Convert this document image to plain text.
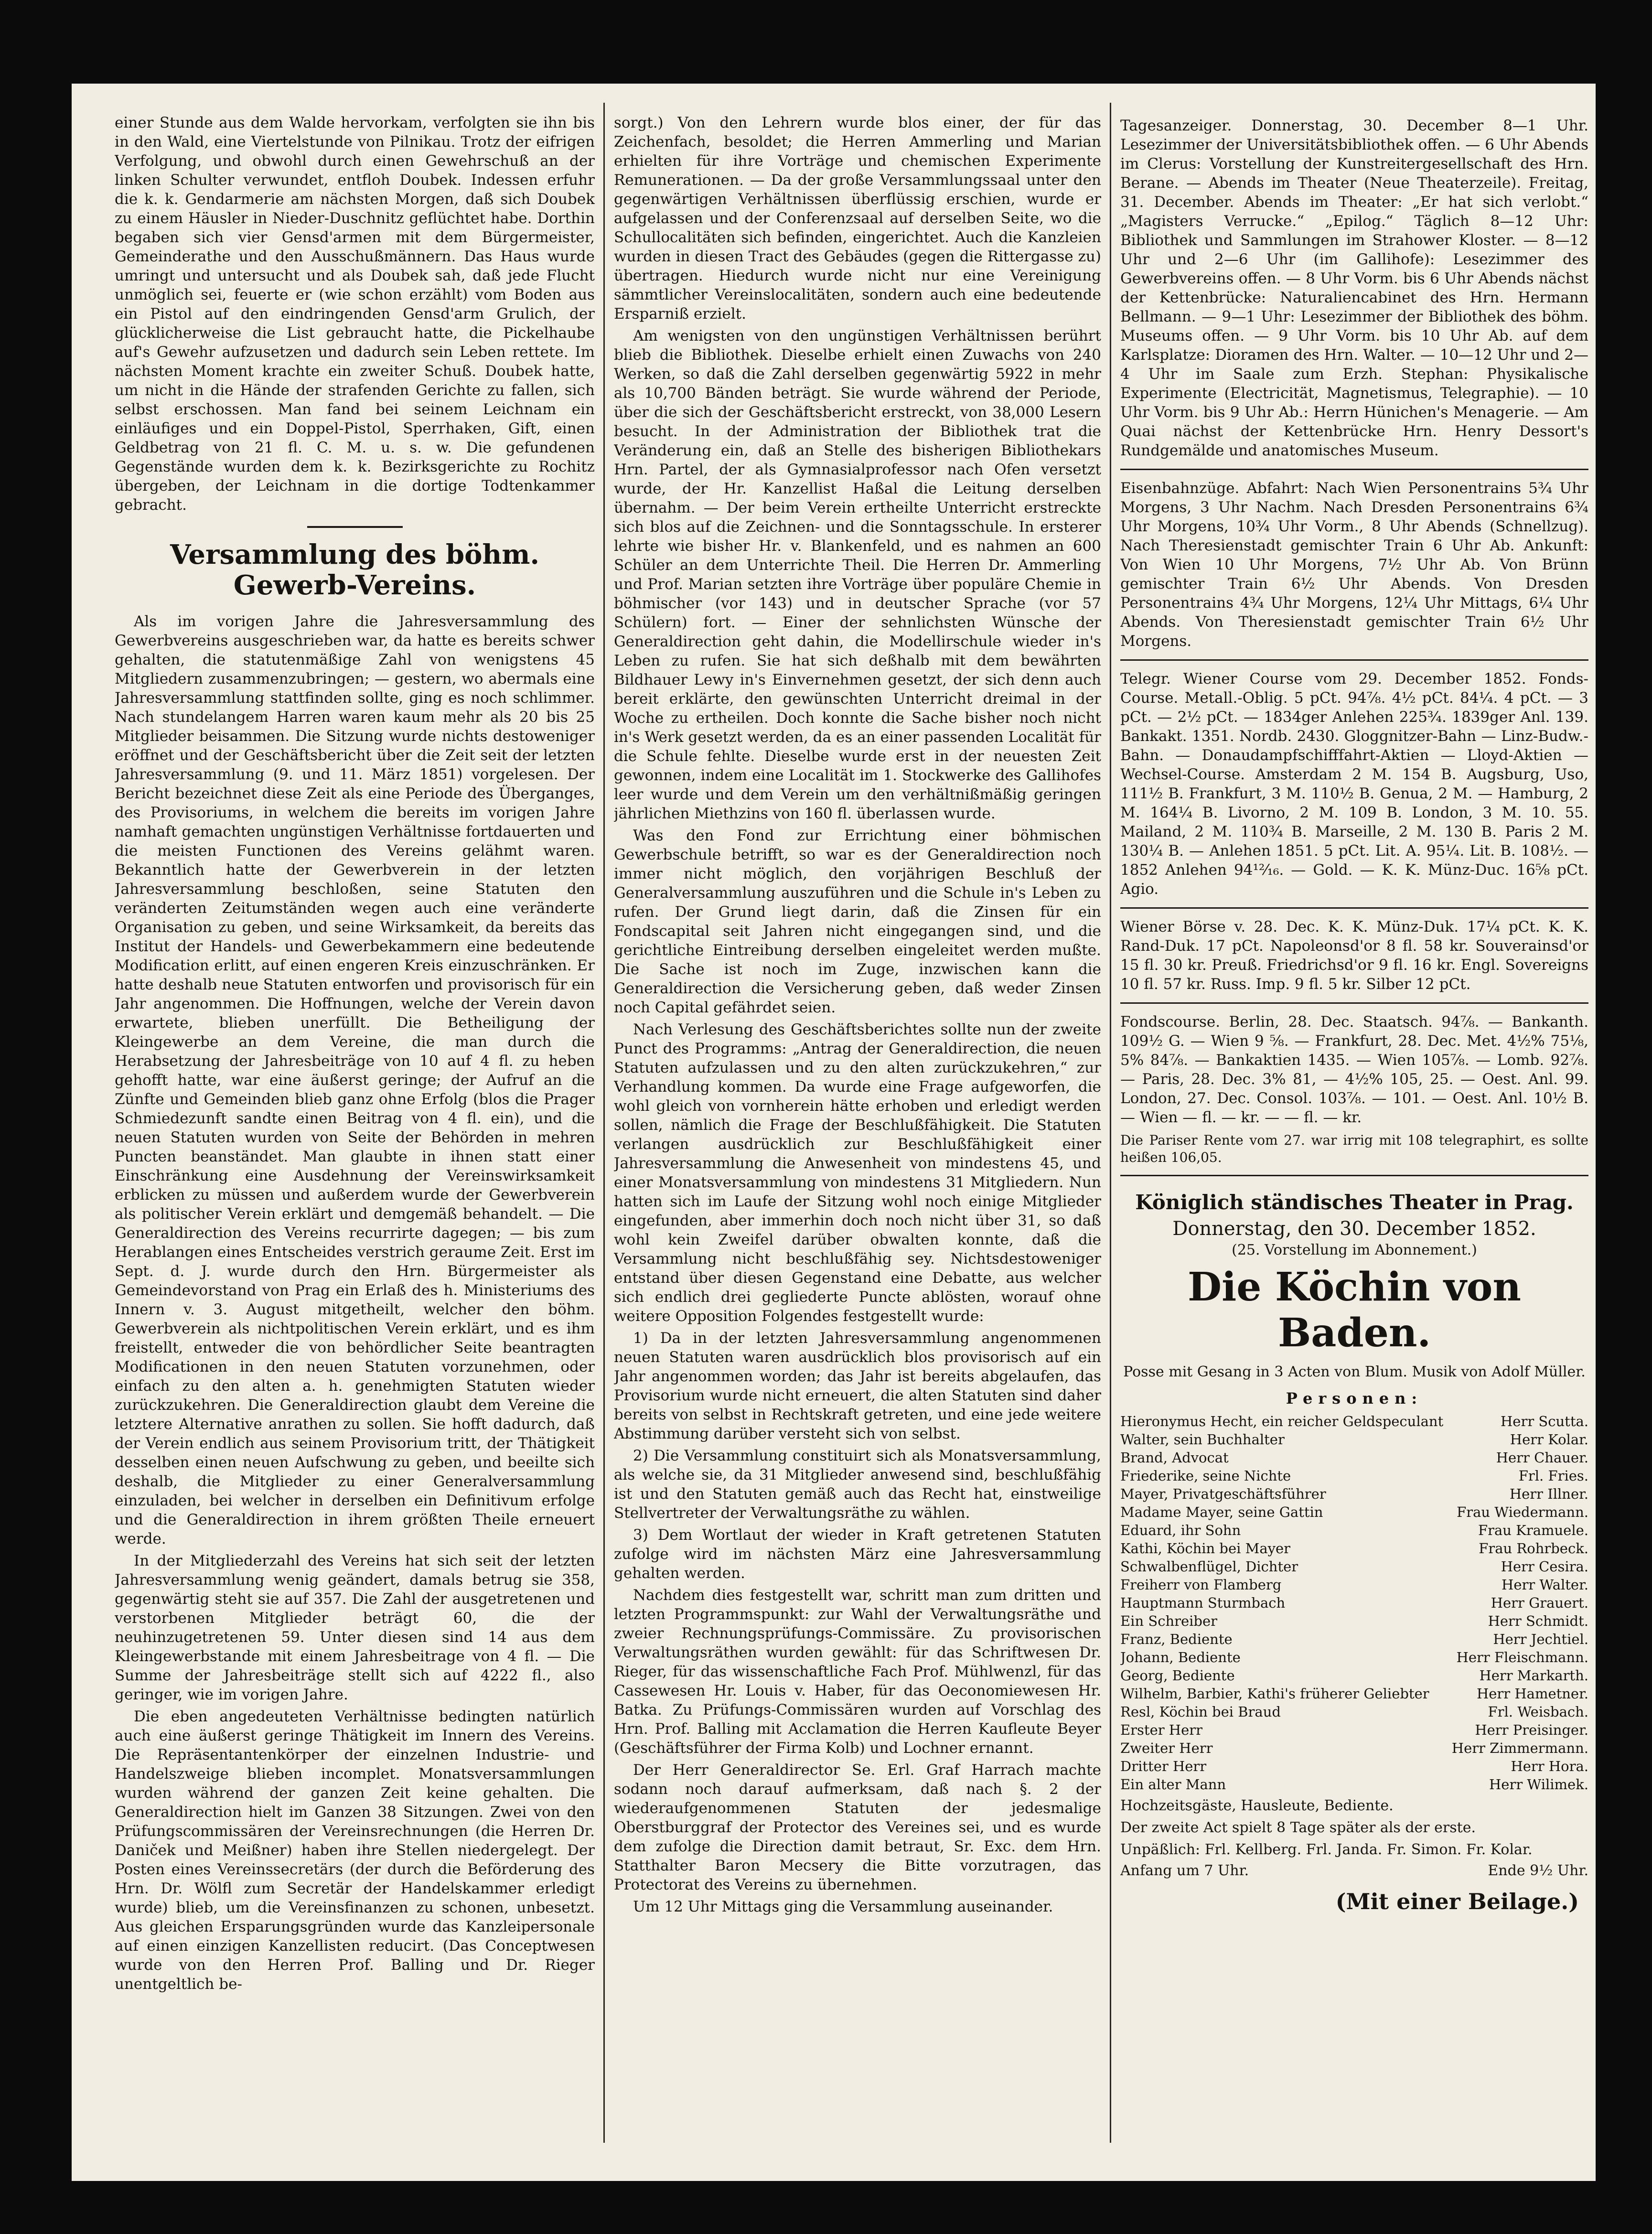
einer Stunde aus dem Walde hervorkam, verfolgten sie ihn bis in den Wald, eine Viertelstunde von Pilnikau. Trotz der eifrigen Verfolgung, und obwohl durch einen Gewehrschuß an der linken Schulter verwundet, entfloh Doubek. Indessen erfuhr die k. k. Gendarmerie am nächsten Morgen, daß sich Doubek zu einem Häusler in Nieder-Duschnitz geflüchtet habe. Dorthin begaben sich vier Gensd'armen mit dem Bürgermeister, Gemeinderathe und den Ausschußmännern. Das Haus wurde umringt und untersucht und als Doubek sah, daß jede Flucht unmöglich sei, feuerte er (wie schon erzählt) vom Boden aus ein Pistol auf den eindringenden Gensd'arm Grulich, der glücklicherweise die List gebraucht hatte, die Pickelhaube auf's Gewehr aufzusetzen und dadurch sein Leben rettete. Im nächsten Moment krachte ein zweiter Schuß. Doubek hatte, um nicht in die Hände der strafenden Gerichte zu fallen, sich selbst erschossen. Man fand bei seinem Leichnam ein einläufiges und ein Doppel-Pistol, Sperrhaken, Gift, einen Geldbetrag von 21 fl. C. M. u. s. w. Die gefundenen Gegenstände wurden dem k. k. Bezirksgerichte zu Rochitz übergeben, der Leichnam in die dortige Todtenkammer gebracht.

Versammlung des böhm. Gewerb-Vereins.

Als im vorigen Jahre die Jahresversammlung des Gewerbvereins ausgeschrieben war, da hatte es bereits schwer gehalten, die statutenmäßige Zahl von wenigstens 45 Mitgliedern zusammenzubringen; — gestern, wo abermals eine Jahresversammlung stattfinden sollte, ging es noch schlimmer. Nach stundelangem Harren waren kaum mehr als 20 bis 25 Mitglieder beisammen. Die Sitzung wurde nichts destoweniger eröffnet und der Geschäftsbericht über die Zeit seit der letzten Jahresversammlung (9. und 11. März 1851) vorgelesen. Der Bericht bezeichnet diese Zeit als eine Periode des Überganges, des Provisoriums, in welchem die bereits im vorigen Jahre namhaft gemachten ungünstigen Verhältnisse fortdauerten und die meisten Functionen des Vereins gelähmt waren. Bekanntlich hatte der Gewerbverein in der letzten Jahresversammlung beschloßen, seine Statuten den veränderten Zeitumständen wegen auch eine veränderte Organisation zu geben, und seine Wirksamkeit, da bereits das Institut der Handels- und Gewerbekammern eine bedeutende Modification erlitt, auf einen engeren Kreis einzuschränken. Er hatte deshalb neue Statuten entworfen und provisorisch für ein Jahr angenommen. Die Hoffnungen, welche der Verein davon erwartete, blieben unerfüllt. Die Betheiligung der Kleingewerbe an dem Vereine, die man durch die Herabsetzung der Jahresbeiträge von 10 auf 4 fl. zu heben gehofft hatte, war eine äußerst geringe; der Aufruf an die Zünfte und Gemeinden blieb ganz ohne Erfolg (blos die Prager Schmiedezunft sandte einen Beitrag von 4 fl. ein), und die neuen Statuten wurden von Seite der Behörden in mehren Puncten beanständet. Man glaubte in ihnen statt einer Einschränkung eine Ausdehnung der Vereinswirksamkeit erblicken zu müssen und außerdem wurde der Gewerbverein als politischer Verein erklärt und demgemäß behandelt. — Die Generaldirection des Vereins recurrirte dagegen; — bis zum Herablangen eines Entscheides verstrich geraume Zeit. Erst im Sept. d. J. wurde durch den Hrn. Bürgermeister als Gemeindevorstand von Prag ein Erlaß des h. Ministeriums des Innern v. 3. August mitgetheilt, welcher den böhm. Gewerbverein als nichtpolitischen Verein erklärt, und es ihm freistellt, entweder die von behördlicher Seite beantragten Modificationen in den neuen Statuten vorzunehmen, oder einfach zu den alten a. h. genehmigten Statuten wieder zurückzukehren. Die Generaldirection glaubt dem Vereine die letztere Alternative anrathen zu sollen. Sie hofft dadurch, daß der Verein endlich aus seinem Provisorium tritt, der Thätigkeit desselben einen neuen Aufschwung zu geben, und beeilte sich deshalb, die Mitglieder zu einer Generalversammlung einzuladen, bei welcher in derselben ein Definitivum erfolge und die Generaldirection in ihrem größten Theile erneuert werde.

In der Mitgliederzahl des Vereins hat sich seit der letzten Jahresversammlung wenig geändert, damals betrug sie 358, gegenwärtig steht sie auf 357. Die Zahl der ausgetretenen und verstorbenen Mitglieder beträgt 60, die der neuhinzugetretenen 59. Unter diesen sind 14 aus dem Kleingewerbstande mit einem Jahresbeitrage von 4 fl. — Die Summe der Jahresbeiträge stellt sich auf 4222 fl., also geringer, wie im vorigen Jahre.

Die eben angedeuteten Verhältnisse bedingten natürlich auch eine äußerst geringe Thätigkeit im Innern des Vereins. Die Repräsentantenkörper der einzelnen Industrie- und Handelszweige blieben incomplet. Monatsversammlungen wurden während der ganzen Zeit keine gehalten. Die Generaldirection hielt im Ganzen 38 Sitzungen. Zwei von den Prüfungscommissären der Vereinsrechnungen (die Herren Dr. Daniček und Meißner) haben ihre Stellen niedergelegt. Der Posten eines Vereinssecretärs (der durch die Beförderung des Hrn. Dr. Wölfl zum Secretär der Handelskammer erledigt wurde) blieb, um die Vereinsfinanzen zu schonen, unbesetzt. Aus gleichen Ersparungsgründen wurde das Kanzleipersonale auf einen einzigen Kanzellisten reducirt. (Das Conceptwesen wurde von den Herren Prof. Balling und Dr. Rieger unentgeltlich be-

sorgt.) Von den Lehrern wurde blos einer, der für das Zeichenfach, besoldet; die Herren Ammerling und Marian erhielten für ihre Vorträge und chemischen Experimente Remunerationen. — Da der große Versammlungssaal unter den gegenwärtigen Verhältnissen überflüssig erschien, wurde er aufgelassen und der Conferenzsaal auf derselben Seite, wo die Schullocalitäten sich befinden, eingerichtet. Auch die Kanzleien wurden in diesen Tract des Gebäudes (gegen die Rittergasse zu) übertragen. Hiedurch wurde nicht nur eine Vereinigung sämmtlicher Vereinslocalitäten, sondern auch eine bedeutende Ersparniß erzielt.

Am wenigsten von den ungünstigen Verhältnissen berührt blieb die Bibliothek. Dieselbe erhielt einen Zuwachs von 240 Werken, so daß die Zahl derselben gegenwärtig 5922 in mehr als 10,700 Bänden beträgt. Sie wurde während der Periode, über die sich der Geschäftsbericht erstreckt, von 38,000 Lesern besucht. In der Administration der Bibliothek trat die Veränderung ein, daß an Stelle des bisherigen Bibliothekars Hrn. Partel, der als Gymnasialprofessor nach Ofen versetzt wurde, der Hr. Kanzellist Haßal die Leitung derselben übernahm. — Der beim Verein ertheilte Unterricht erstreckte sich blos auf die Zeichnen- und die Sonntagsschule. In ersterer lehrte wie bisher Hr. v. Blankenfeld, und es nahmen an 600 Schüler an dem Unterrichte Theil. Die Herren Dr. Ammerling und Prof. Marian setzten ihre Vorträge über populäre Chemie in böhmischer (vor 143) und in deutscher Sprache (vor 57 Schülern) fort. — Einer der sehnlichsten Wünsche der Generaldirection geht dahin, die Modellirschule wieder in's Leben zu rufen. Sie hat sich deßhalb mit dem bewährten Bildhauer Lewy in's Einvernehmen gesetzt, der sich denn auch bereit erklärte, den gewünschten Unterricht dreimal in der Woche zu ertheilen. Doch konnte die Sache bisher noch nicht in's Werk gesetzt werden, da es an einer passenden Localität für die Schule fehlte. Dieselbe wurde erst in der neuesten Zeit gewonnen, indem eine Localität im 1. Stockwerke des Gallihofes leer wurde und dem Verein um den verhältnißmäßig geringen jährlichen Miethzins von 160 fl. überlassen wurde.

Was den Fond zur Errichtung einer böhmischen Gewerbschule betrifft, so war es der Generaldirection noch immer nicht möglich, den vorjährigen Beschluß der Generalversammlung auszuführen und die Schule in's Leben zu rufen. Der Grund liegt darin, daß die Zinsen für ein Fondscapital seit Jahren nicht eingegangen sind, und die gerichtliche Eintreibung derselben eingeleitet werden mußte. Die Sache ist noch im Zuge, inzwischen kann die Generaldirection die Versicherung geben, daß weder Zinsen noch Capital gefährdet seien.

Nach Verlesung des Geschäftsberichtes sollte nun der zweite Punct des Programms: „Antrag der Generaldirection, die neuen Statuten aufzulassen und zu den alten zurückzukehren,“ zur Verhandlung kommen. Da wurde eine Frage aufgeworfen, die wohl gleich von vornherein hätte erhoben und erledigt werden sollen, nämlich die Frage der Beschlußfähigkeit. Die Statuten verlangen ausdrücklich zur Beschlußfähigkeit einer Jahresversammlung die Anwesenheit von mindestens 45, und einer Monatsversammlung von mindestens 31 Mitgliedern. Nun hatten sich im Laufe der Sitzung wohl noch einige Mitglieder eingefunden, aber immerhin doch noch nicht über 31, so daß wohl kein Zweifel darüber obwalten konnte, daß die Versammlung nicht beschlußfähig sey. Nichtsdestoweniger entstand über diesen Gegenstand eine Debatte, aus welcher sich endlich drei gegliederte Puncte ablösten, worauf ohne weitere Opposition Folgendes festgestellt wurde:

1) Da in der letzten Jahresversammlung angenommenen neuen Statuten waren ausdrücklich blos provisorisch auf ein Jahr angenommen worden; das Jahr ist bereits abgelaufen, das Provisorium wurde nicht erneuert, die alten Statuten sind daher bereits von selbst in Rechtskraft getreten, und eine jede weitere Abstimmung darüber versteht sich von selbst.

2) Die Versammlung constituirt sich als Monatsversammlung, als welche sie, da 31 Mitglieder anwesend sind, beschlußfähig ist und den Statuten gemäß auch das Recht hat, einstweilige Stellvertreter der Verwaltungsräthe zu wählen.

3) Dem Wortlaut der wieder in Kraft getretenen Statuten zufolge wird im nächsten März eine Jahresversammlung gehalten werden.

Nachdem dies festgestellt war, schritt man zum dritten und letzten Programmspunkt: zur Wahl der Verwaltungsräthe und zweier Rechnungsprüfungs-Commissäre. Zu provisorischen Verwaltungsräthen wurden gewählt: für das Schriftwesen Dr. Rieger, für das wissenschaftliche Fach Prof. Mühlwenzl, für das Cassewesen Hr. Louis v. Haber, für das Oeconomiewesen Hr. Batka. Zu Prüfungs-Commissären wurden auf Vorschlag des Hrn. Prof. Balling mit Acclamation die Herren Kaufleute Beyer (Geschäftsführer der Firma Kolb) und Lochner ernannt.

Der Herr Generaldirector Se. Erl. Graf Harrach machte sodann noch darauf aufmerksam, daß nach §. 2 der wiederaufgenommenen Statuten der jedesmalige Oberstburggraf der Protector des Vereines sei, und es wurde dem zufolge die Direction damit betraut, Sr. Exc. dem Hrn. Statthalter Baron Mecsery die Bitte vorzutragen, das Protectorat des Vereins zu übernehmen.

Um 12 Uhr Mittags ging die Versammlung auseinander.

Tagesanzeiger. Donnerstag, 30. December 8—1 Uhr. Lesezimmer der Universitätsbibliothek offen. — 6 Uhr Abends im Clerus: Vorstellung der Kunstreitergesellschaft des Hrn. Berane. — Abends im Theater (Neue Theaterzeile). Freitag, 31. December. Abends im Theater: „Er hat sich verlobt.“ „Magisters Verrucke.“ „Epilog.“ Täglich 8—12 Uhr: Bibliothek und Sammlungen im Strahower Kloster. — 8—12 Uhr und 2—6 Uhr (im Gallihofe): Lesezimmer des Gewerbvereins offen. — 8 Uhr Vorm. bis 6 Uhr Abends nächst der Kettenbrücke: Naturaliencabinet des Hrn. Hermann Bellmann. — 9—1 Uhr: Lesezimmer der Bibliothek des böhm. Museums offen. — 9 Uhr Vorm. bis 10 Uhr Ab. auf dem Karlsplatze: Dioramen des Hrn. Walter. — 10—12 Uhr und 2—4 Uhr im Saale zum Erzh. Stephan: Physikalische Experimente (Electricität, Magnetismus, Telegraphie). — 10 Uhr Vorm. bis 9 Uhr Ab.: Herrn Hünichen's Menagerie. — Am Quai nächst der Kettenbrücke Hrn. Henry Dessort's Rundgemälde und anatomisches Museum.

Eisenbahnzüge. Abfahrt: Nach Wien Personentrains 5¾ Uhr Morgens, 3 Uhr Nachm. Nach Dresden Personentrains 6¾ Uhr Morgens, 10¾ Uhr Vorm., 8 Uhr Abends (Schnellzug). Nach Theresienstadt gemischter Train 6 Uhr Ab. Ankunft: Von Wien 10 Uhr Morgens, 7½ Uhr Ab. Von Brünn gemischter Train 6½ Uhr Abends. Von Dresden Personentrains 4¾ Uhr Morgens, 12¼ Uhr Mittags, 6¼ Uhr Abends. Von Theresienstadt gemischter Train 6½ Uhr Morgens.

Telegr. Wiener Course vom 29. December 1852. Fonds-Course. Metall.-Oblig. 5 pCt. 94⅞. 4½ pCt. 84¼. 4 pCt. — 3 pCt. — 2½ pCt. — 1834ger Anlehen 225¾. 1839ger Anl. 139. Bankakt. 1351. Nordb. 2430. Gloggnitzer-Bahn — Linz-Budw.-Bahn. — Donaudampfschifffahrt-Aktien — Lloyd-Aktien — Wechsel-Course. Amsterdam 2 M. 154 B. Augsburg, Uso, 111½ B. Frankfurt, 3 M. 110½ B. Genua, 2 M. — Hamburg, 2 M. 164¼ B. Livorno, 2 M. 109 B. London, 3 M. 10. 55. Mailand, 2 M. 110¾ B. Marseille, 2 M. 130 B. Paris 2 M. 130¼ B. — Anlehen 1851. 5 pCt. Lit. A. 95¼. Lit. B. 108½. — 1852 Anlehen 94¹²⁄₁₆. — Gold. — K. K. Münz-Duc. 16⅝ pCt. Agio.

Wiener Börse v. 28. Dec. K. K. Münz-Duk. 17¼ pCt. K. K. Rand-Duk. 17 pCt. Napoleonsd'or 8 fl. 58 kr. Souverainsd'or 15 fl. 30 kr. Preuß. Friedrichsd'or 9 fl. 16 kr. Engl. Sovereigns 10 fl. 57 kr. Russ. Imp. 9 fl. 5 kr. Silber 12 pCt.

Fondscourse. Berlin, 28. Dec. Staatsch. 94⅞. — Bankanth. 109½ G. — Wien 9 ⅝. — Frankfurt, 28. Dec. Met. 4½% 75⅛, 5% 84⅞. — Bankaktien 1435. — Wien 105⅞. — Lomb. 92⅞. — Paris, 28. Dec. 3% 81, — 4½% 105, 25. — Oest. Anl. 99. London, 27. Dec. Consol. 103⅞. — 101. — Oest. Anl. 10½ B. — Wien — fl. — kr. — — fl. — kr.

Die Pariser Rente vom 27. war irrig mit 108 telegraphirt, es sollte heißen 106,05.

Königlich ständisches Theater in Prag.
Donnerstag, den 30. December 1852.
(25. Vorstellung im Abonnement.)
Die Köchin von Baden.
Posse mit Gesang in 3 Acten von Blum. Musik von Adolf Müller.
Personen:
Hieronymus Hecht, ein reicher Geldspeculant	Herr Scutta.
Walter, sein Buchhalter	Herr Kolar.
Brand, Advocat	Herr Chauer.
Friederike, seine Nichte	Frl. Fries.
Mayer, Privatgeschäftsführer	Herr Illner.
Madame Mayer, seine Gattin	Frau Wiedermann.
Eduard, ihr Sohn	Frau Kramuele.
Kathi, Köchin bei Mayer	Frau Rohrbeck.
Schwalbenflügel, Dichter	Herr Cesira.
Freiherr von Flamberg	Herr Walter.
Hauptmann Sturmbach	Herr Grauert.
Ein Schreiber	Herr Schmidt.
Franz, Bediente	Herr Jechtiel.
Johann, Bediente	Herr Fleischmann.
Georg, Bediente	Herr Markarth.
Wilhelm, Barbier, Kathi's früherer Geliebter	Herr Hametner.
Resl, Köchin bei Braud	Frl. Weisbach.
Erster Herr	Herr Preisinger.
Zweiter Herr	Herr Zimmermann.
Dritter Herr	Herr Hora.
Ein alter Mann	Herr Wilimek.
Hochzeitsgäste, Hausleute, Bediente.
Der zweite Act spielt 8 Tage später als der erste.
Unpäßlich: Frl. Kellberg. Frl. Janda. Fr. Simon. Fr. Kolar.
Anfang um 7 Uhr.	Ende 9½ Uhr.
(Mit einer Beilage.)
